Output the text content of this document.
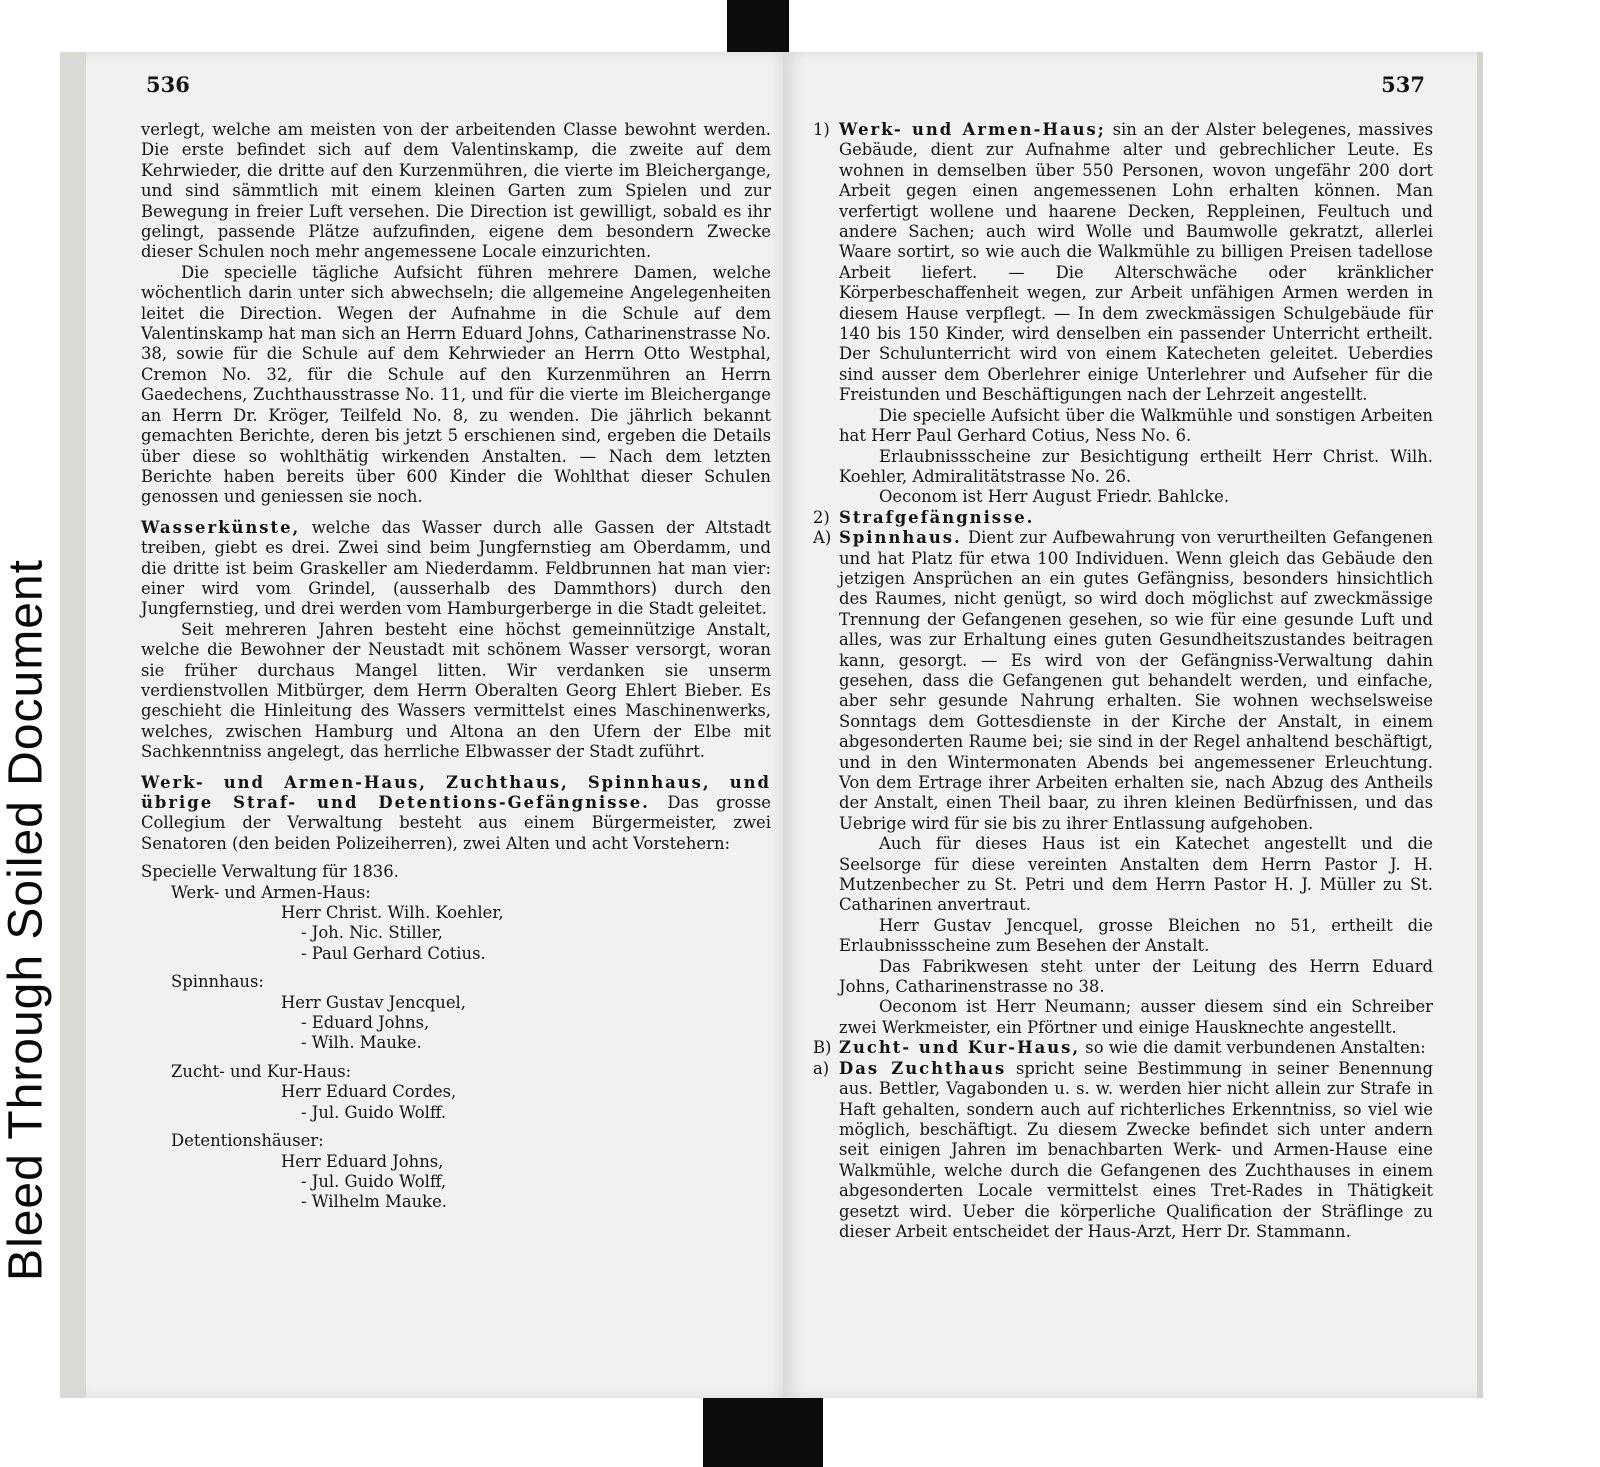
Bleed Through Soiled Document
536

verlegt, welche am meisten von der arbeitenden Classe bewohnt werden. Die erste befindet sich auf dem Valentinskamp, die zweite auf dem Kehrwieder, die dritte auf den Kurzenmühren, die vierte im Bleichergange, und sind sämmtlich mit einem kleinen Garten zum Spielen und zur Bewegung in freier Luft versehen. Die Direction ist gewilligt, sobald es ihr gelingt, passende Plätze aufzufinden, eigene dem besondern Zwecke dieser Schulen noch mehr angemessene Locale einzurichten.

Die specielle tägliche Aufsicht führen mehrere Damen, welche wöchentlich darin unter sich abwechseln; die allgemeine Angelegenheiten leitet die Direction. Wegen der Aufnahme in die Schule auf dem Valentinskamp hat man sich an Herrn Eduard Johns, Catharinenstrasse No. 38, sowie für die Schule auf dem Kehrwieder an Herrn Otto Westphal, Cremon No. 32, für die Schule auf den Kurzenmühren an Herrn Gaedechens, Zuchthausstrasse No. 11, und für die vierte im Bleichergange an Herrn Dr. Kröger, Teilfeld No. 8, zu wenden. Die jährlich bekannt gemachten Berichte, deren bis jetzt 5 erschienen sind, ergeben die Details über diese so wohlthätig wirkenden Anstalten. — Nach dem letzten Berichte haben bereits über 600 Kinder die Wohlthat dieser Schulen genossen und geniessen sie noch.

Wasserkünste, welche das Wasser durch alle Gassen der Altstadt treiben, giebt es drei. Zwei sind beim Jungfernstieg am Oberdamm, und die dritte ist beim Graskeller am Niederdamm. Feldbrunnen hat man vier: einer wird vom Grindel, (ausserhalb des Dammthors) durch den Jungfernstieg, und drei werden vom Hamburgerberge in die Stadt geleitet.

Seit mehreren Jahren besteht eine höchst gemeinnützige Anstalt, welche die Bewohner der Neustadt mit schönem Wasser versorgt, woran sie früher durchaus Mangel litten. Wir verdanken sie unserm verdienstvollen Mitbürger, dem Herrn Oberalten Georg Ehlert Bieber. Es geschieht die Hinleitung des Wassers vermittelst eines Maschinenwerks, welches, zwischen Hamburg und Altona an den Ufern der Elbe mit Sachkenntniss angelegt, das herrliche Elbwasser der Stadt zuführt.

Werk- und Armen-Haus, Zuchthaus, Spinnhaus, und übrige Straf- und Detentions-Gefängnisse. Das grosse Collegium der Verwaltung besteht aus einem Bürgermeister, zwei Senatoren (den beiden Polizeiherren), zwei Alten und acht Vorstehern:

Specielle Verwaltung für 1836.

Werk- und Armen-Haus:
Herr Christ. Wilh. Koehler,
- Joh. Nic. Stiller,
- Paul Gerhard Cotius.
Spinnhaus:
Herr Gustav Jencquel,
- Eduard Johns,
- Wilh. Mauke.
Zucht- und Kur-Haus:
Herr Eduard Cordes,
- Jul. Guido Wolff.
Detentionshäuser:
Herr Eduard Johns,
- Jul. Guido Wolff,
- Wilhelm Mauke.
537
1) Werk- und Armen-Haus; sin an der Alster belegenes, massives Gebäude, dient zur Aufnahme alter und gebrechlicher Leute. Es wohnen in demselben über 550 Personen, wovon ungefähr 200 dort Arbeit gegen einen angemessenen Lohn erhalten können. Man verfertigt wollene und haarene Decken, Reppleinen, Feultuch und andere Sachen; auch wird Wolle und Baumwolle gekratzt, allerlei Waare sortirt, so wie auch die Walkmühle zu billigen Preisen tadellose Arbeit liefert. — Die Alterschwäche oder kränklicher Körperbeschaffenheit wegen, zur Arbeit unfähigen Armen werden in diesem Hause verpflegt. — In dem zweckmässigen Schulgebäude für 140 bis 150 Kinder, wird denselben ein passender Unterricht ertheilt. Der Schulunterricht wird von einem Katecheten geleitet. Ueberdies sind ausser dem Oberlehrer einige Unterlehrer und Aufseher für die Freistunden und Beschäftigungen nach der Lehrzeit angestellt.

Die specielle Aufsicht über die Walkmühle und sonstigen Arbeiten hat Herr Paul Gerhard Cotius, Ness No. 6.

Erlaubnissscheine zur Besichtigung ertheilt Herr Christ. Wilh. Koehler, Admiralitätstrasse No. 26.

Oeconom ist Herr August Friedr. Bahlcke.

2) Strafgefängnisse.
A) Spinnhaus. Dient zur Aufbewahrung von verurtheilten Gefangenen und hat Platz für etwa 100 Individuen. Wenn gleich das Gebäude den jetzigen Ansprüchen an ein gutes Gefängniss, besonders hinsichtlich des Raumes, nicht genügt, so wird doch möglichst auf zweckmässige Trennung der Gefangenen gesehen, so wie für eine gesunde Luft und alles, was zur Erhaltung eines guten Gesundheitszustandes beitragen kann, gesorgt. — Es wird von der Gefängniss-Verwaltung dahin gesehen, dass die Gefangenen gut behandelt werden, und einfache, aber sehr gesunde Nahrung erhalten. Sie wohnen wechselsweise Sonntags dem Gottesdienste in der Kirche der Anstalt, in einem abgesonderten Raume bei; sie sind in der Regel anhaltend beschäftigt, und in den Wintermonaten Abends bei angemessener Erleuchtung. Von dem Ertrage ihrer Arbeiten erhalten sie, nach Abzug des Antheils der Anstalt, einen Theil baar, zu ihren kleinen Bedürfnissen, und das Uebrige wird für sie bis zu ihrer Entlassung aufgehoben.

Auch für dieses Haus ist ein Katechet angestellt und die Seelsorge für diese vereinten Anstalten dem Herrn Pastor J. H. Mutzenbecher zu St. Petri und dem Herrn Pastor H. J. Müller zu St. Catharinen anvertraut.

Herr Gustav Jencquel, grosse Bleichen no 51, ertheilt die Erlaubnissscheine zum Besehen der Anstalt.

Das Fabrikwesen steht unter der Leitung des Herrn Eduard Johns, Catharinenstrasse no 38.

Oeconom ist Herr Neumann; ausser diesem sind ein Schreiber zwei Werkmeister, ein Pförtner und einige Hausknechte angestellt.

B) Zucht- und Kur-Haus, so wie die damit verbundenen Anstalten:

a) Das Zuchthaus spricht seine Bestimmung in seiner Benennung aus. Bettler, Vagabonden u. s. w. werden hier nicht allein zur Strafe in Haft gehalten, sondern auch auf richterliches Erkenntniss, so viel wie möglich, beschäftigt. Zu diesem Zwecke befindet sich unter andern seit einigen Jahren im benachbarten Werk- und Armen-Hause eine Walkmühle, welche durch die Gefangenen des Zuchthauses in einem abgesonderten Locale vermittelst eines Tret-Rades in Thätigkeit gesetzt wird. Ueber die körperliche Qualification der Sträflinge zu dieser Arbeit entscheidet der Haus-Arzt, Herr Dr. Stammann.
